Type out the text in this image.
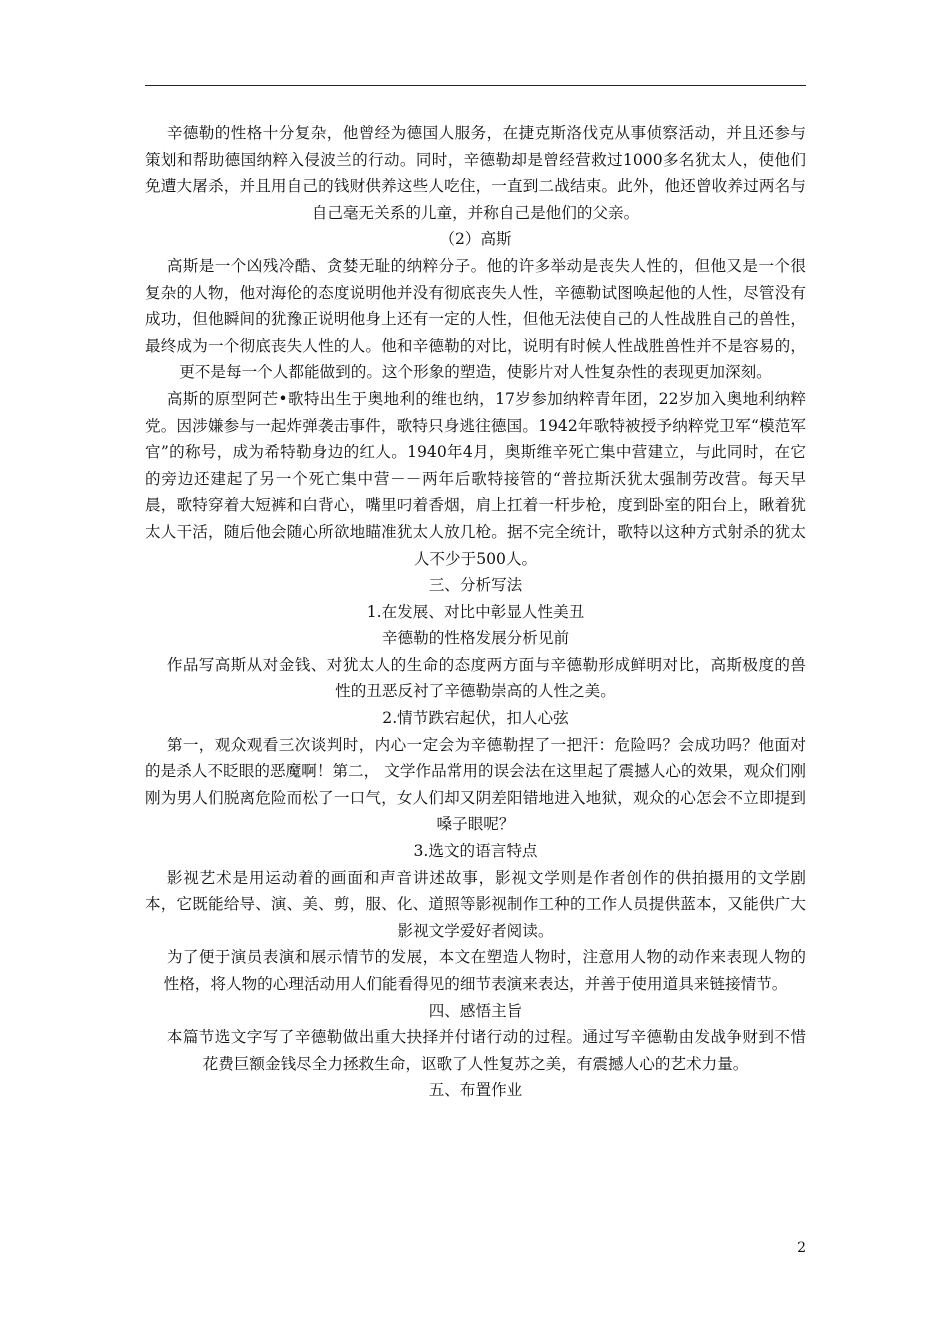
辛德勒的性格十分复杂，他曾经为德国人服务，在捷克斯洛伐克从事侦察活动，并且还参与策划和帮助德国纳粹入侵波兰的行动。同时，辛德勒却是曾经营救过1000多名犹太人，使他们免遭大屠杀，并且用自己的钱财供养这些人吃住，一直到二战结束。此外，他还曾收养过两名与自己毫无关系的儿童，并称自己是他们的父亲。

（2）高斯

高斯是一个凶残冷酷、贪婪无耻的纳粹分子。他的许多举动是丧失人性的，但他又是一个很复杂的人物，他对海伦的态度说明他并没有彻底丧失人性，辛德勒试图唤起他的人性，尽管没有成功，但他瞬间的犹豫正说明他身上还有一定的人性，但他无法使自己的人性战胜自己的兽性，最终成为一个彻底丧失人性的人。他和辛德勒的对比，说明有时候人性战胜兽性并不是容易的，更不是每一个人都能做到的。这个形象的塑造，使影片对人性复杂性的表现更加深刻。

高斯的原型阿芒•歌特出生于奥地利的维也纳，17岁参加纳粹青年团，22岁加入奥地利纳粹党。因涉嫌参与一起炸弹袭击事件，歌特只身逃往德国。1942年歌特被授予纳粹党卫军“模范军官”的称号，成为希特勒身边的红人。1940年4月，奥斯维辛死亡集中营建立，与此同时，在它的旁边还建起了另一个死亡集中营－－两年后歌特接管的“普拉斯沃犹太强制劳改营。每天早晨，歌特穿着大短裤和白背心，嘴里叼着香烟，肩上扛着一杆步枪，度到卧室的阳台上，瞅着犹太人干活，随后他会随心所欲地瞄准犹太人放几枪。据不完全统计，歌特以这种方式射杀的犹太人不少于500人。

三、分析写法

1.在发展、对比中彰显人性美丑

辛德勒的性格发展分析见前

作品写高斯从对金钱、对犹太人的生命的态度两方面与辛德勒形成鲜明对比，高斯极度的兽性的丑恶反衬了辛德勒崇高的人性之美。

2.情节跌宕起伏，扣人心弦

第一，观众观看三次谈判时，内心一定会为辛德勒捏了一把汗：危险吗？会成功吗？他面对的是杀人不眨眼的恶魔啊！第二， 文学作品常用的误会法在这里起了震撼人心的效果，观众们刚刚为男人们脱离危险而松了一口气，女人们却又阴差阳错地进入地狱，观众的心怎会不立即提到嗓子眼呢？

3.选文的语言特点

影视艺术是用运动着的画面和声音讲述故事，影视文学则是作者创作的供拍摄用的文学剧本，它既能给导、演、美、剪，服、化、道照等影视制作工种的工作人员提供蓝本，又能供广大影视文学爱好者阅读。

为了便于演员表演和展示情节的发展，本文在塑造人物时，注意用人物的动作来表现人物的性格，将人物的心理活动用人们能看得见的细节表演来表达，并善于使用道具来链接情节。

四、感悟主旨

本篇节选文字写了辛德勒做出重大抉择并付诸行动的过程。通过写辛德勒由发战争财到不惜花费巨额金钱尽全力拯救生命，讴歌了人性复苏之美，有震撼人心的艺术力量。

五、布置作业

2
